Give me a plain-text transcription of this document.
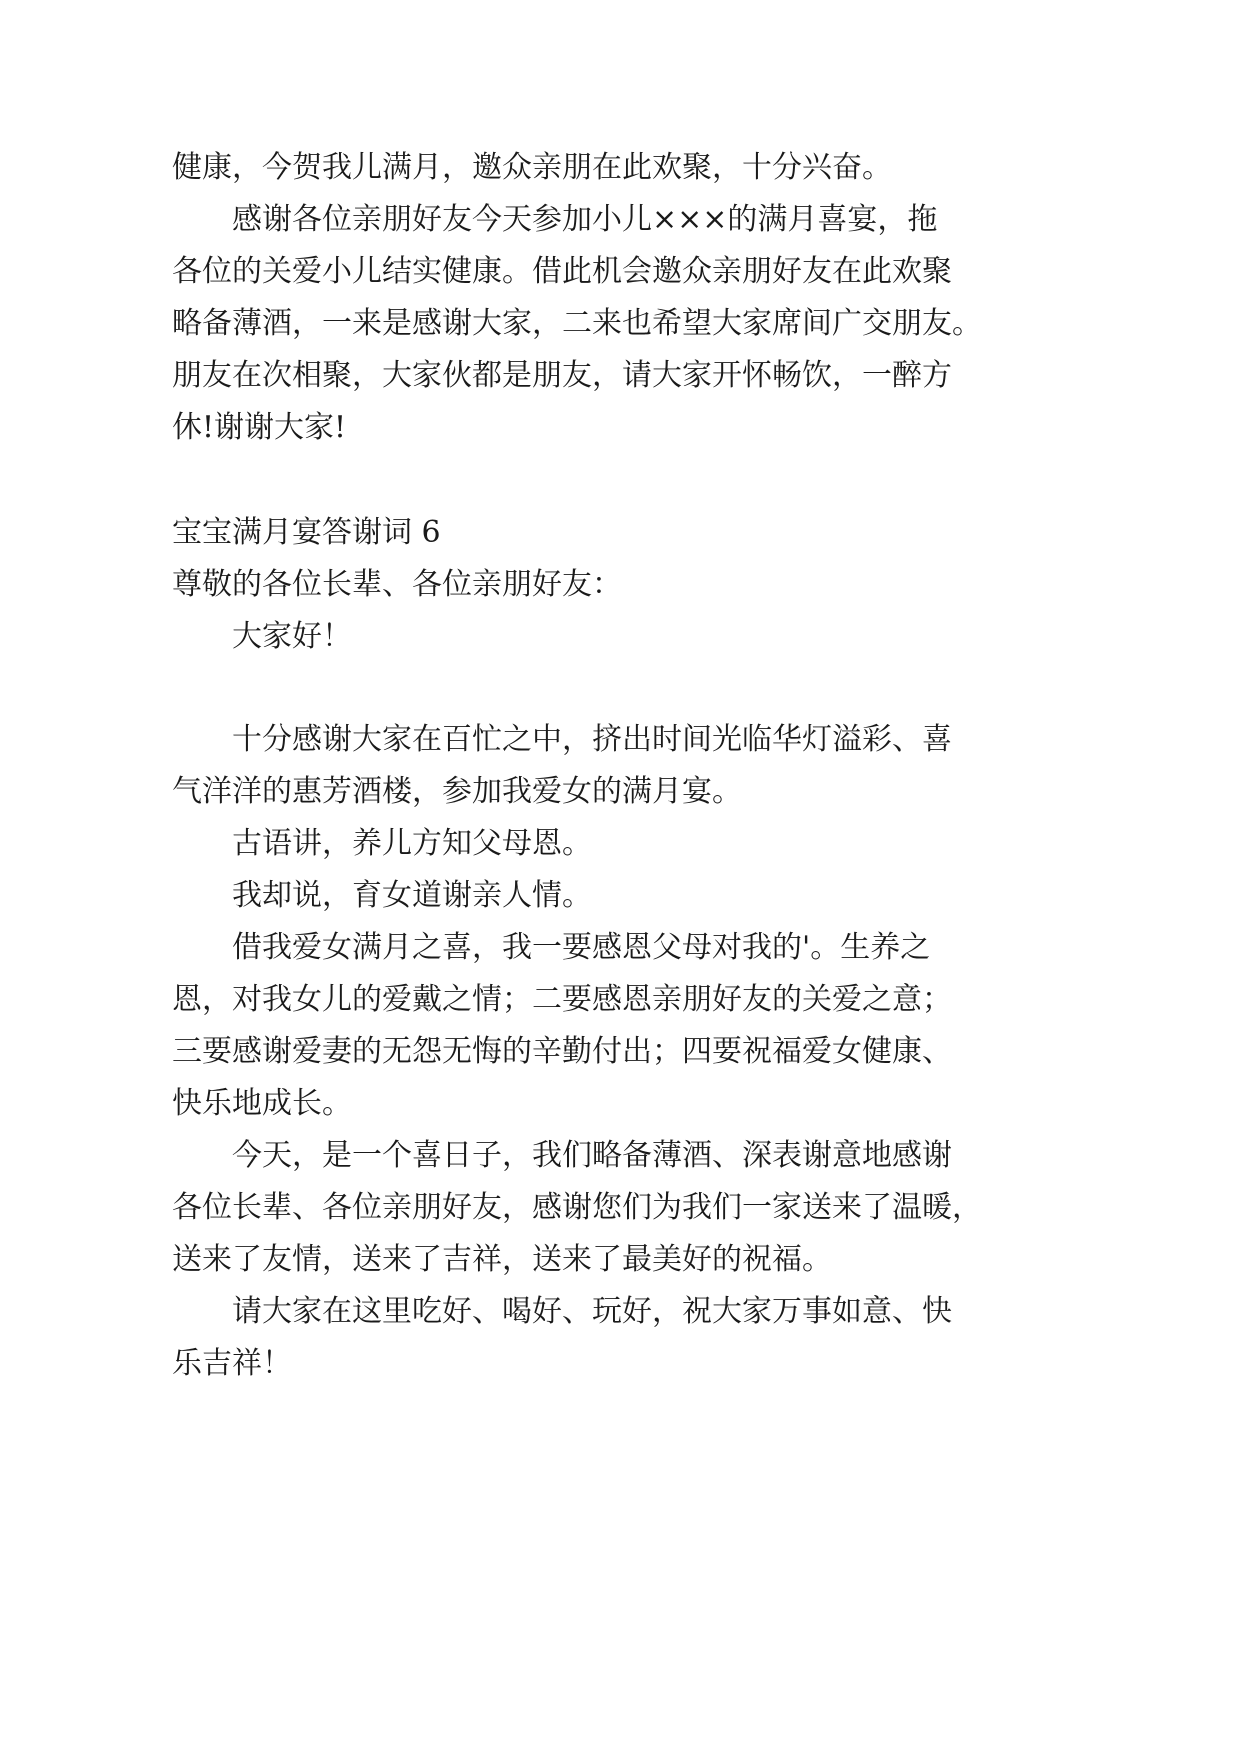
健康，今贺我儿满月，邀众亲朋在此欢聚，十分兴奋。
感谢各位亲朋好友今天参加小儿×××的满月喜宴，拖
各位的关爱小儿结实健康。借此机会邀众亲朋好友在此欢聚
略备薄酒，一来是感谢大家，二来也希望大家席间广交朋友。
朋友在次相聚，大家伙都是朋友，请大家开怀畅饮，一醉方
休!谢谢大家!
宝宝满月宴答谢词 6
尊敬的各位长辈、各位亲朋好友：
大家好！
十分感谢大家在百忙之中，挤出时间光临华灯溢彩、喜
气洋洋的惠芳酒楼，参加我爱女的满月宴。
古语讲，养儿方知父母恩。
我却说，育女道谢亲人情。
借我爱女满月之喜，我一要感恩父母对我的'。生养之
恩，对我女儿的爱戴之情；二要感恩亲朋好友的关爱之意；
三要感谢爱妻的无怨无悔的辛勤付出；四要祝福爱女健康、
快乐地成长。
今天，是一个喜日子，我们略备薄酒、深表谢意地感谢
各位长辈、各位亲朋好友，感谢您们为我们一家送来了温暖，
送来了友情，送来了吉祥，送来了最美好的祝福。
请大家在这里吃好、喝好、玩好，祝大家万事如意、快
乐吉祥！
